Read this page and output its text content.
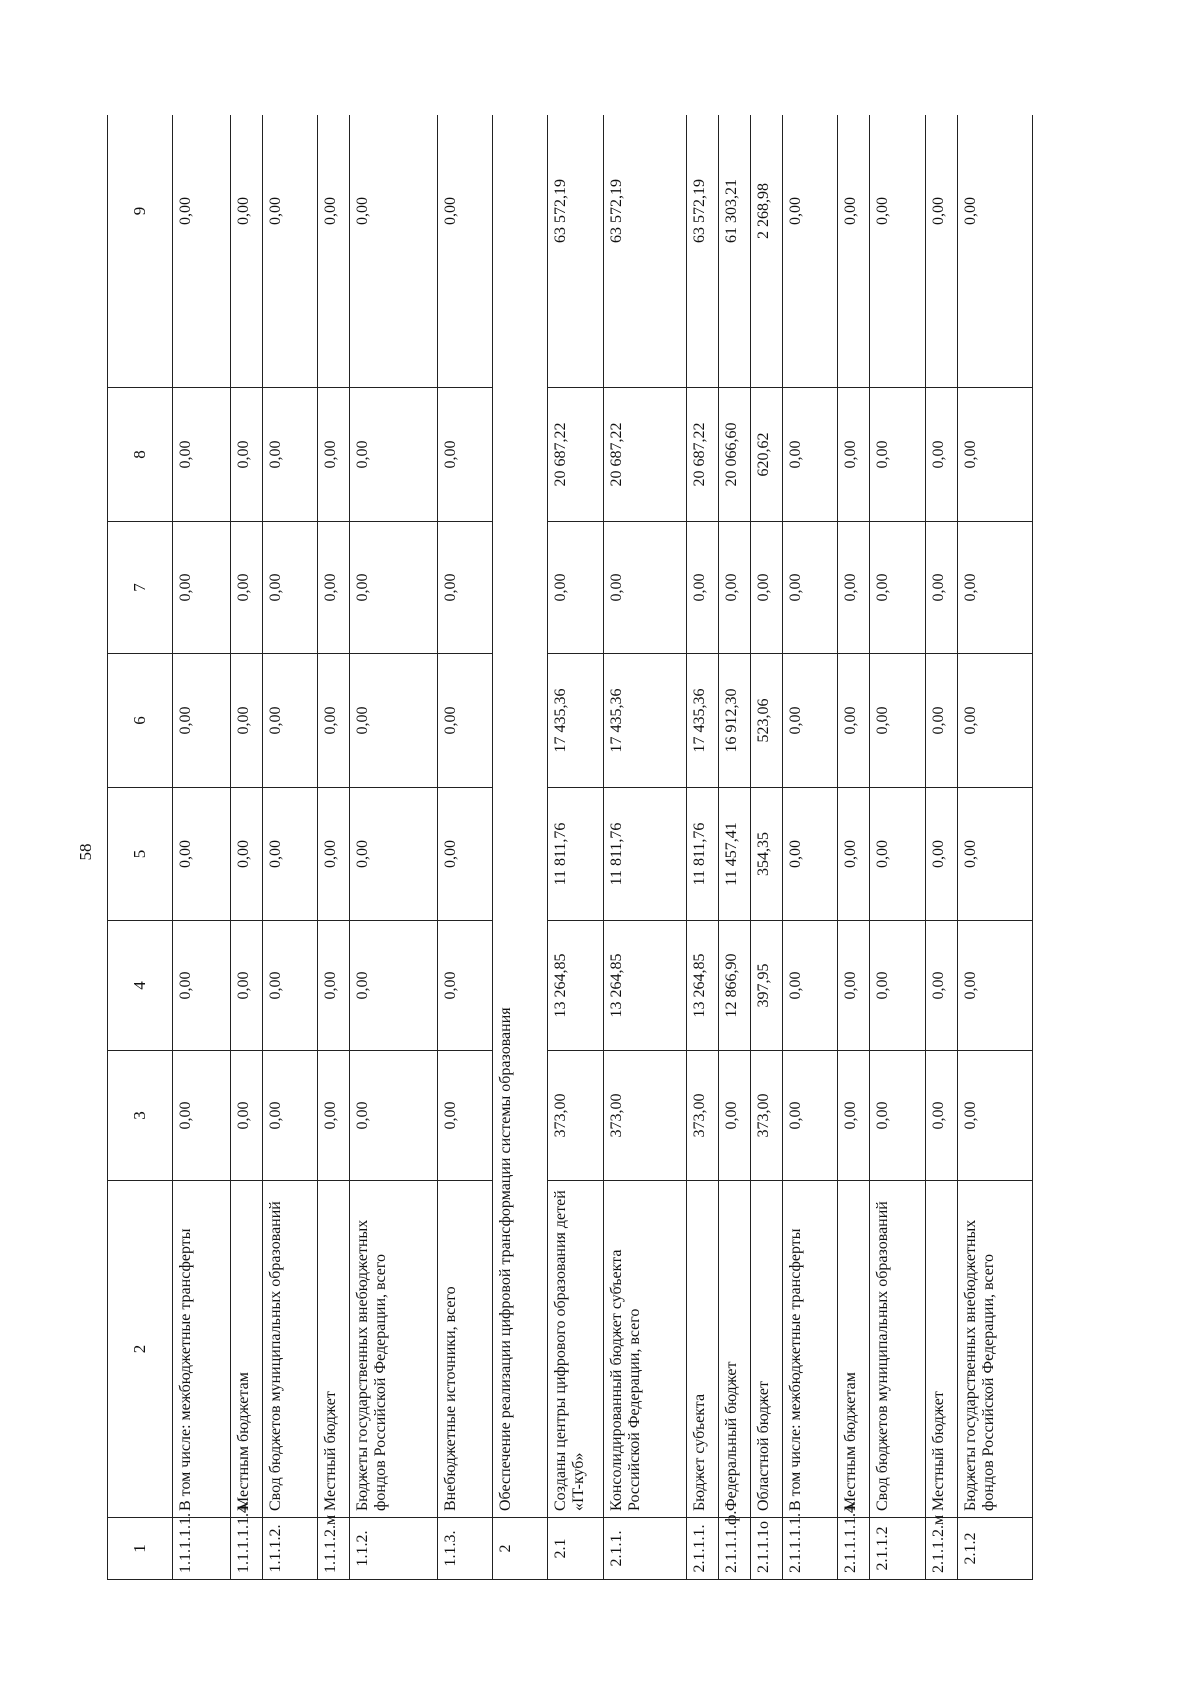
58
1	2	3	4	5	6	7	8	9
1.1.1.1.1.	В том числе: межбюджетные трансферты	0,00	0,00	0,00	0,00	0,00	0,00	0,00
1.1.1.1.1.4.	Местным бюджетам	0,00	0,00	0,00	0,00	0,00	0,00	0,00
1.1.1.2.	Свод бюджетов муниципальных образований	0,00	0,00	0,00	0,00	0,00	0,00	0,00
1.1.1.2.м	Местный бюджет	0,00	0,00	0,00	0,00	0,00	0,00	0,00
1.1.2.	Бюджеты государственных внебюджетных фондов Российской Федерации, всего	0,00	0,00	0,00	0,00	0,00	0,00	0,00
1.1.3.	Внебюджетные источники, всего	0,00	0,00	0,00	0,00	0,00	0,00	0,00
2	Обеспечение реализации цифровой трансформации системы образования							
2.1	Созданы центры цифрового образования детей «IT-куб»	373,00	13 264,85	11 811,76	17 435,36	0,00	20 687,22	63 572,19
2.1.1.	Консолидированный бюджет субъекта Российской Федерации, всего	373,00	13 264,85	11 811,76	17 435,36	0,00	20 687,22	63 572,19
2.1.1.1.	Бюджет субъекта	373,00	13 264,85	11 811,76	17 435,36	0,00	20 687,22	63 572,19
2.1.1.1.ф.	Федеральный бюджет	0,00	12 866,90	11 457,41	16 912,30	0,00	20 066,60	61 303,21
2.1.1.1о	Областной бюджет	373,00	397,95	354,35	523,06	0,00	620,62	2 268,98
2.1.1.1.1.	В том числе: межбюджетные трансферты	0,00	0,00	0,00	0,00	0,00	0,00	0,00
2.1.1.1.1.4.	Местным бюджетам	0,00	0,00	0,00	0,00	0,00	0,00	0,00
2.1.1.2	Свод бюджетов муниципальных образований	0,00	0,00	0,00	0,00	0,00	0,00	0,00
2.1.1.2.м	Местный бюджет	0,00	0,00	0,00	0,00	0,00	0,00	0,00
2.1.2	Бюджеты государственных внебюджетных фондов Российской Федерации, всего	0,00	0,00	0,00	0,00	0,00	0,00	0,00
